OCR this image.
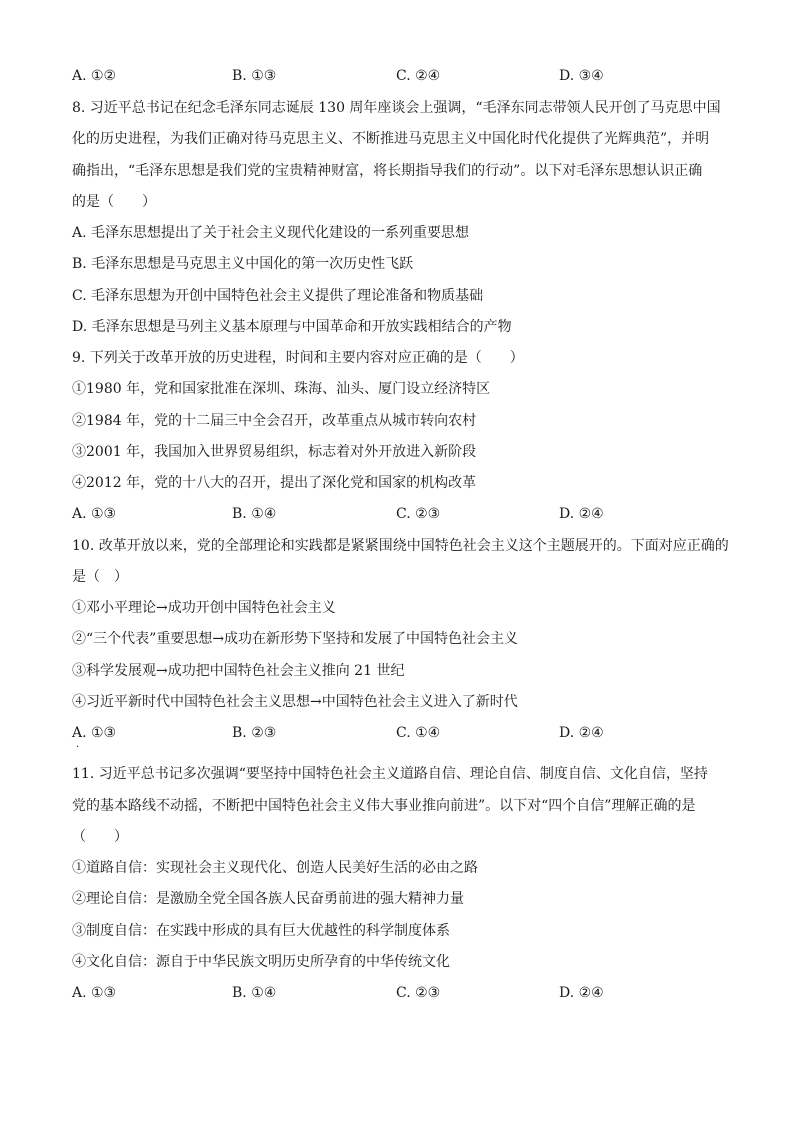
A. ①②	B. ①③	C. ②④	D. ③④
8. 习近平总书记在纪念毛泽东同志诞辰 130 周年座谈会上强调，“毛泽东同志带领人民开创了马克思中国
化的历史进程，为我们正确对待马克思主义、不断推进马克思主义中国化时代化提供了光辉典范”，并明
确指出，“毛泽东思想是我们党的宝贵精神财富，将长期指导我们的行动”。以下对毛泽东思想认识正确
的是（　　）
A. 毛泽东思想提出了关于社会主义现代化建设的一系列重要思想
B. 毛泽东思想是马克思主义中国化的第一次历史性飞跃
C. 毛泽东思想为开创中国特色社会主义提供了理论准备和物质基础
D. 毛泽东思想是马列主义基本原理与中国革命和开放实践相结合的产物
9. 下列关于改革开放的历史进程，时间和主要内容对应正确的是（　　）
①1980 年，党和国家批准在深圳、珠海、汕头、厦门设立经济特区
②1984 年，党的十二届三中全会召开，改革重点从城市转向农村
③2001 年，我国加入世界贸易组织，标志着对外开放进入新阶段
④2012 年，党的十八大的召开，提出了深化党和国家的机构改革
A. ①③	B. ①④	C. ②③	D. ②④
10. 改革开放以来，党的全部理论和实践都是紧紧围绕中国特色社会主义这个主题展开的。下面对应正确的
是（　）
①邓小平理论→成功开创中国特色社会主义
②“三个代表”重要思想→成功在新形势下坚持和发展了中国特色社会主义
③科学发展观→成功把中国特色社会主义推向 21 世纪
④习近平新时代中国特色社会主义思想→中国特色社会主义进入了新时代
A. ①③	B. ②③	C. ①④	D. ②④
.
11. 习近平总书记多次强调“要坚持中国特色社会主义道路自信、理论自信、制度自信、文化自信，坚持
党的基本路线不动摇，不断把中国特色社会主义伟大事业推向前进”。以下对“四个自信”理解正确的是
（　　）
①道路自信：实现社会主义现代化、创造人民美好生活的必由之路
②理论自信：是激励全党全国各族人民奋勇前进的强大精神力量
③制度自信：在实践中形成的具有巨大优越性的科学制度体系
④文化自信：源自于中华民族文明历史所孕育的中华传统文化
A. ①③	B. ①④	C. ②③	D. ②④
